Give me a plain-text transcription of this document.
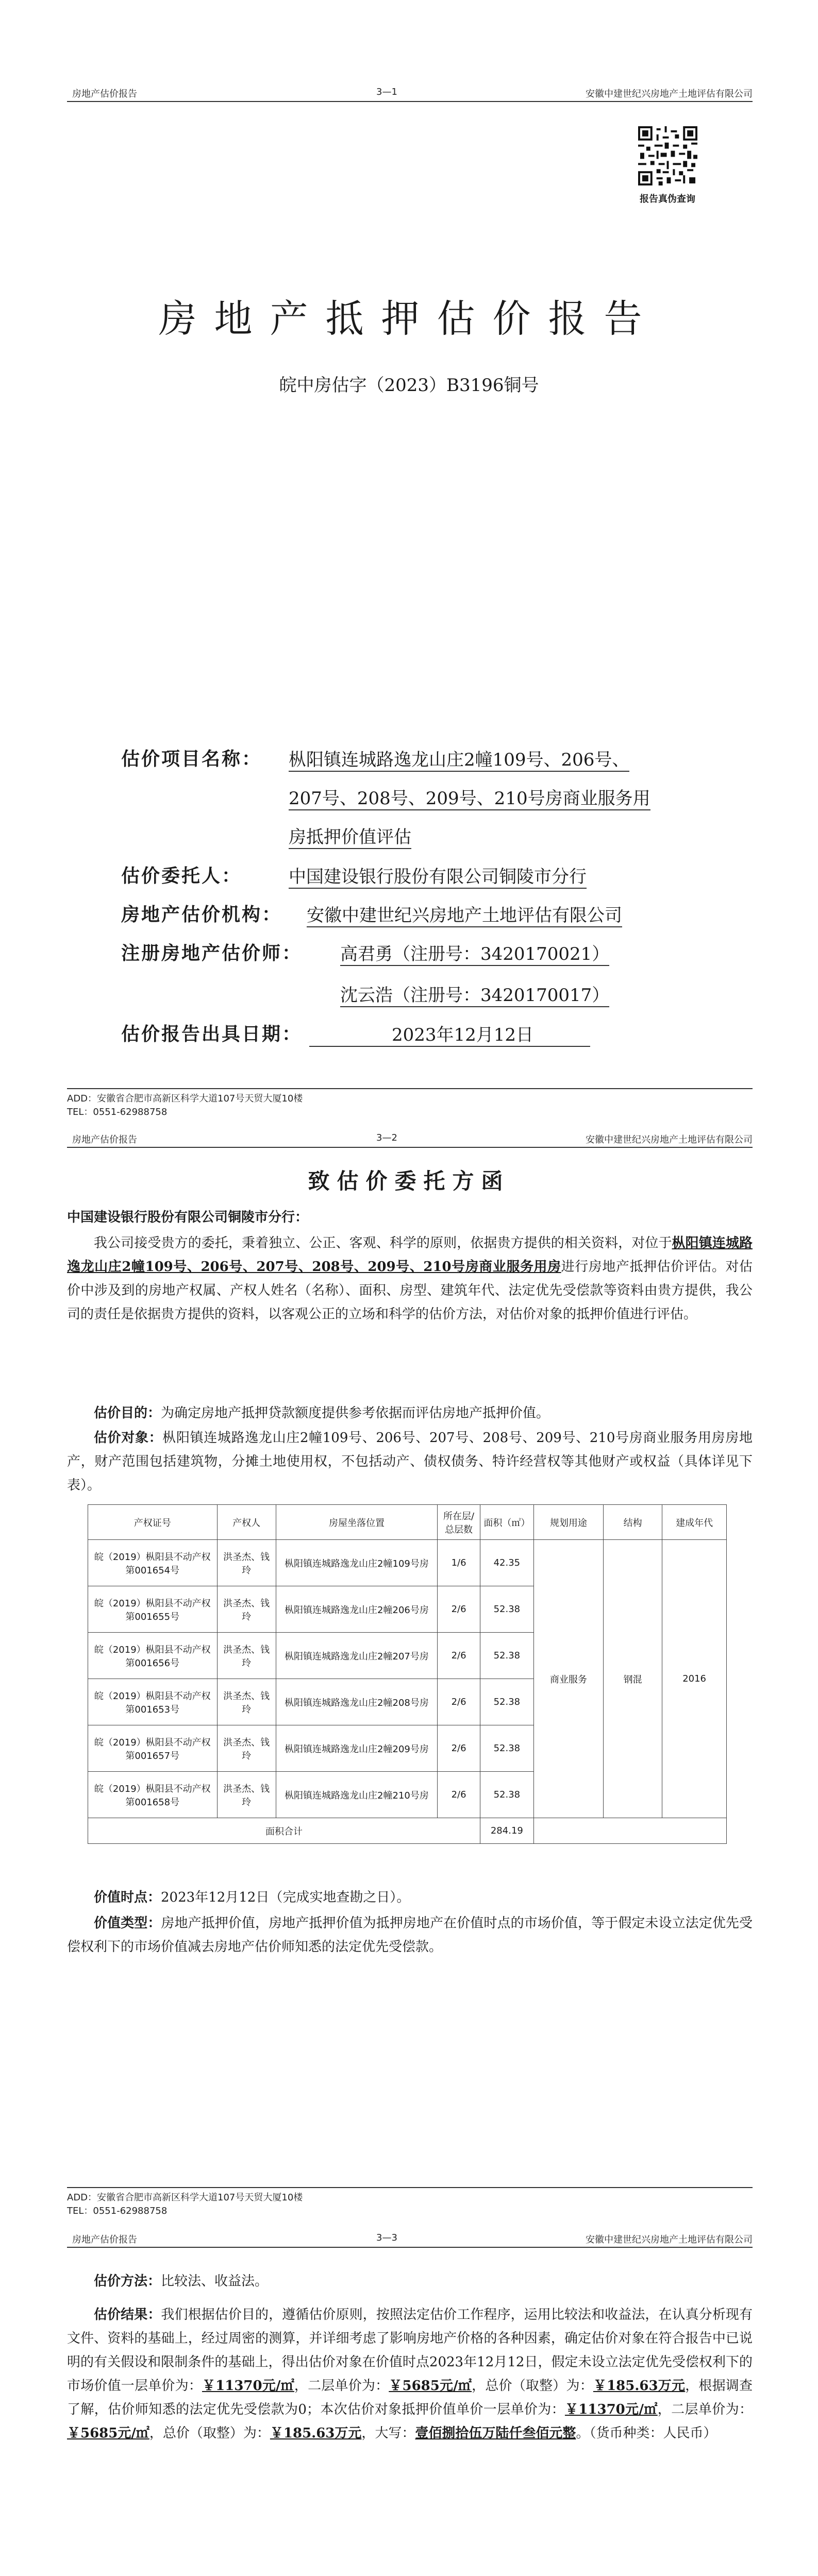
房地产估价报告	3—1	安徽中建世纪兴房地产土地评估有限公司
报告真伪查询
房地产抵押估价报告
皖中房估字（2023）B3196铜号
估价项目名称： 枞阳镇连城路逸龙山庄2幢109号、206号、
207号、208号、209号、210号房商业服务用
房抵押价值评估
估价委托人：	中国建设银行股份有限公司铜陵市分行
房地产估价机构： 安徽中建世纪兴房地产土地评估有限公司
注册房地产估价师： 高君勇（注册号：3420170021）
沈云浩（注册号：3420170017）
估价报告出具日期：	2023年12月12日
ADD：安徽省合肥市高新区科学大道107号天贸大厦10楼
TEL：0551-62988758
房地产估价报告	3—2	安徽中建世纪兴房地产土地评估有限公司
致估价委托方函
中国建设银行股份有限公司铜陵市分行：
我公司接受贵方的委托，秉着独立、公正、客观、科学的原则，依据贵方提供的相关资料，对位于枞阳镇连城路逸龙山庄2幢109号、206号、207号、208号、209号、210号房商业服务用房进行房地产抵押估价评估。对估价中涉及到的房地产权属、产权人姓名（名称）、面积、房型、建筑年代、法定优先受偿款等资料由贵方提供，我公司的责任是依据贵方提供的资料，以客观公正的立场和科学的估价方法，对估价对象的抵押价值进行评估。
估价目的：为确定房地产抵押贷款额度提供参考依据而评估房地产抵押价值。
估价对象：枞阳镇连城路逸龙山庄2幢109号、206号、207号、208号、209号、210号房商业服务用房房地产，财产范围包括建筑物，分摊土地使用权，不包括动产、债权债务、特许经营权等其他财产或权益（具体详见下表）。
产权证号	产权人	房屋坐落位置	所在层/总层数	面积（㎡）	规划用途	结构	建成年代
皖（2019）枞阳县不动产权第001654号	洪圣杰、钱玲	枞阳镇连城路逸龙山庄2幢109号房	1/6	42.35	商业服务	钢混	2016
皖（2019）枞阳县不动产权第001655号	洪圣杰、钱玲	枞阳镇连城路逸龙山庄2幢206号房	2/6	52.38			
皖（2019）枞阳县不动产权第001656号	洪圣杰、钱玲	枞阳镇连城路逸龙山庄2幢207号房	2/6	52.38			
皖（2019）枞阳县不动产权第001653号	洪圣杰、钱玲	枞阳镇连城路逸龙山庄2幢208号房	2/6	52.38			
皖（2019）枞阳县不动产权第001657号	洪圣杰、钱玲	枞阳镇连城路逸龙山庄2幢209号房	2/6	52.38			
皖（2019）枞阳县不动产权第001658号	洪圣杰、钱玲	枞阳镇连城路逸龙山庄2幢210号房	2/6	52.38			
面积合计				284.19			
价值时点：2023年12月12日（完成实地查勘之日）。
价值类型：房地产抵押价值，房地产抵押价值为抵押房地产在价值时点的市场价值，等于假定未设立法定优先受偿权利下的市场价值减去房地产估价师知悉的法定优先受偿款。
ADD：安徽省合肥市高新区科学大道107号天贸大厦10楼
TEL：0551-62988758
房地产估价报告	3—3	安徽中建世纪兴房地产土地评估有限公司
估价方法：比较法、收益法。
估价结果：我们根据估价目的，遵循估价原则，按照法定估价工作程序，运用比较法和收益法，在认真分析现有文件、资料的基础上，经过周密的测算，并详细考虑了影响房地产价格的各种因素，确定估价对象在符合报告中已说明的有关假设和限制条件的基础上，得出估价对象在价值时点2023年12月12日，假定未设立法定优先受偿权利下的市场价值一层单价为：￥11370元/㎡，二层单价为：￥5685元/㎡，总价（取整）为：￥185.63万元，根据调查了解，估价师知悉的法定优先受偿款为0；本次估价对象抵押价值单价一层单价为：￥11370元/㎡，二层单价为：￥5685元/㎡，总价（取整）为：￥185.63万元，大写：壹佰捌拾伍万陆仟叁佰元整。（货币种类：人民币）
